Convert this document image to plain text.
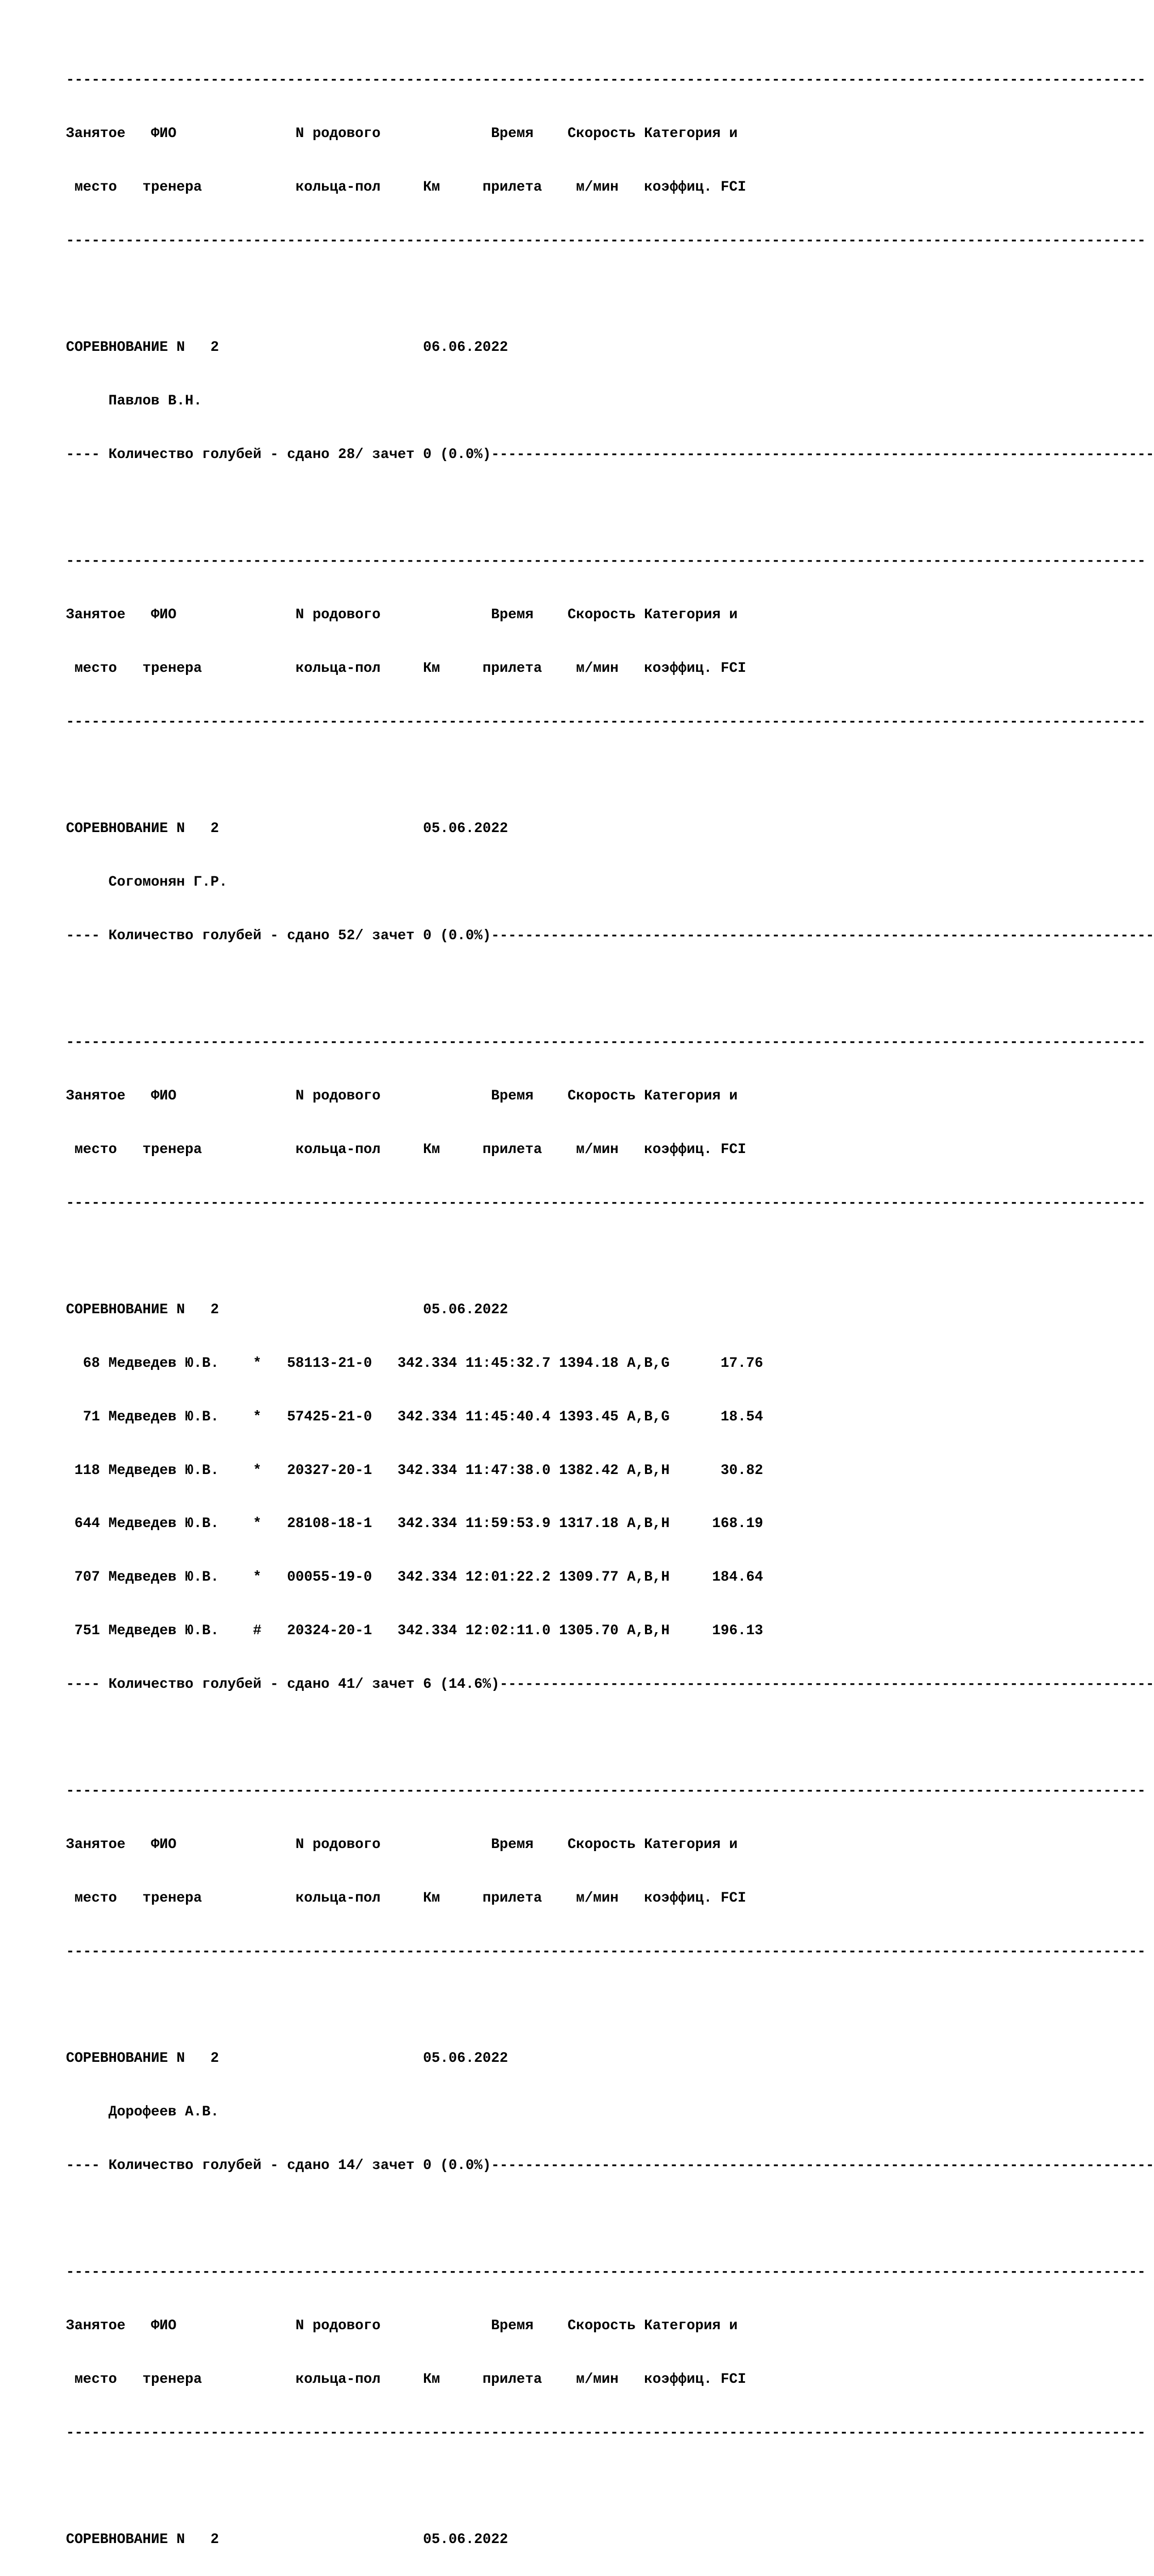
-------------------------------------------------------------------------------------------------------------------------------

Занятое   ФИО              N родового             Время    Скорость Категория и

место   тренера           кольца-пол     Км     прилета    м/мин   коэффиц. FCI

-------------------------------------------------------------------------------------------------------------------------------

СОРЕВНОВАНИЕ N   2                        06.06.2022

Павлов В.Н.

---- Количество голубей - сдано 28/ зачет 0 (0.0%)------------------------------------------------------------------------------

-------------------------------------------------------------------------------------------------------------------------------

Занятое   ФИО              N родового             Время    Скорость Категория и

место   тренера           кольца-пол     Км     прилета    м/мин   коэффиц. FCI

-------------------------------------------------------------------------------------------------------------------------------

СОРЕВНОВАНИЕ N   2                        05.06.2022

Согомонян Г.Р.

---- Количество голубей - сдано 52/ зачет 0 (0.0%)------------------------------------------------------------------------------

-------------------------------------------------------------------------------------------------------------------------------

Занятое   ФИО              N родового             Время    Скорость Категория и

место   тренера           кольца-пол     Км     прилета    м/мин   коэффиц. FCI

-------------------------------------------------------------------------------------------------------------------------------

СОРЕВНОВАНИЕ N   2                        05.06.2022

68 Медведев Ю.В.    *   58113-21-0   342.334 11:45:32.7 1394.18 A,B,G      17.76

71 Медведев Ю.В.    *   57425-21-0   342.334 11:45:40.4 1393.45 A,B,G      18.54

118 Медведев Ю.В.    *   20327-20-1   342.334 11:47:38.0 1382.42 A,B,H      30.82

644 Медведев Ю.В.    *   28108-18-1   342.334 11:59:53.9 1317.18 A,B,H     168.19

707 Медведев Ю.В.    *   00055-19-0   342.334 12:01:22.2 1309.77 A,B,H     184.64

751 Медведев Ю.В.    #   20324-20-1   342.334 12:02:11.0 1305.70 A,B,H     196.13

---- Количество голубей - сдано 41/ зачет 6 (14.6%)-----------------------------------------------------------------------------

-------------------------------------------------------------------------------------------------------------------------------

Занятое   ФИО              N родового             Время    Скорость Категория и

место   тренера           кольца-пол     Км     прилета    м/мин   коэффиц. FCI

-------------------------------------------------------------------------------------------------------------------------------

СОРЕВНОВАНИЕ N   2                        05.06.2022

Дорофеев А.В.

---- Количество голубей - сдано 14/ зачет 0 (0.0%)------------------------------------------------------------------------------

-------------------------------------------------------------------------------------------------------------------------------

Занятое   ФИО              N родового             Время    Скорость Категория и

место   тренера           кольца-пол     Км     прилета    м/мин   коэффиц. FCI

-------------------------------------------------------------------------------------------------------------------------------

СОРЕВНОВАНИЕ N   2                        05.06.2022
